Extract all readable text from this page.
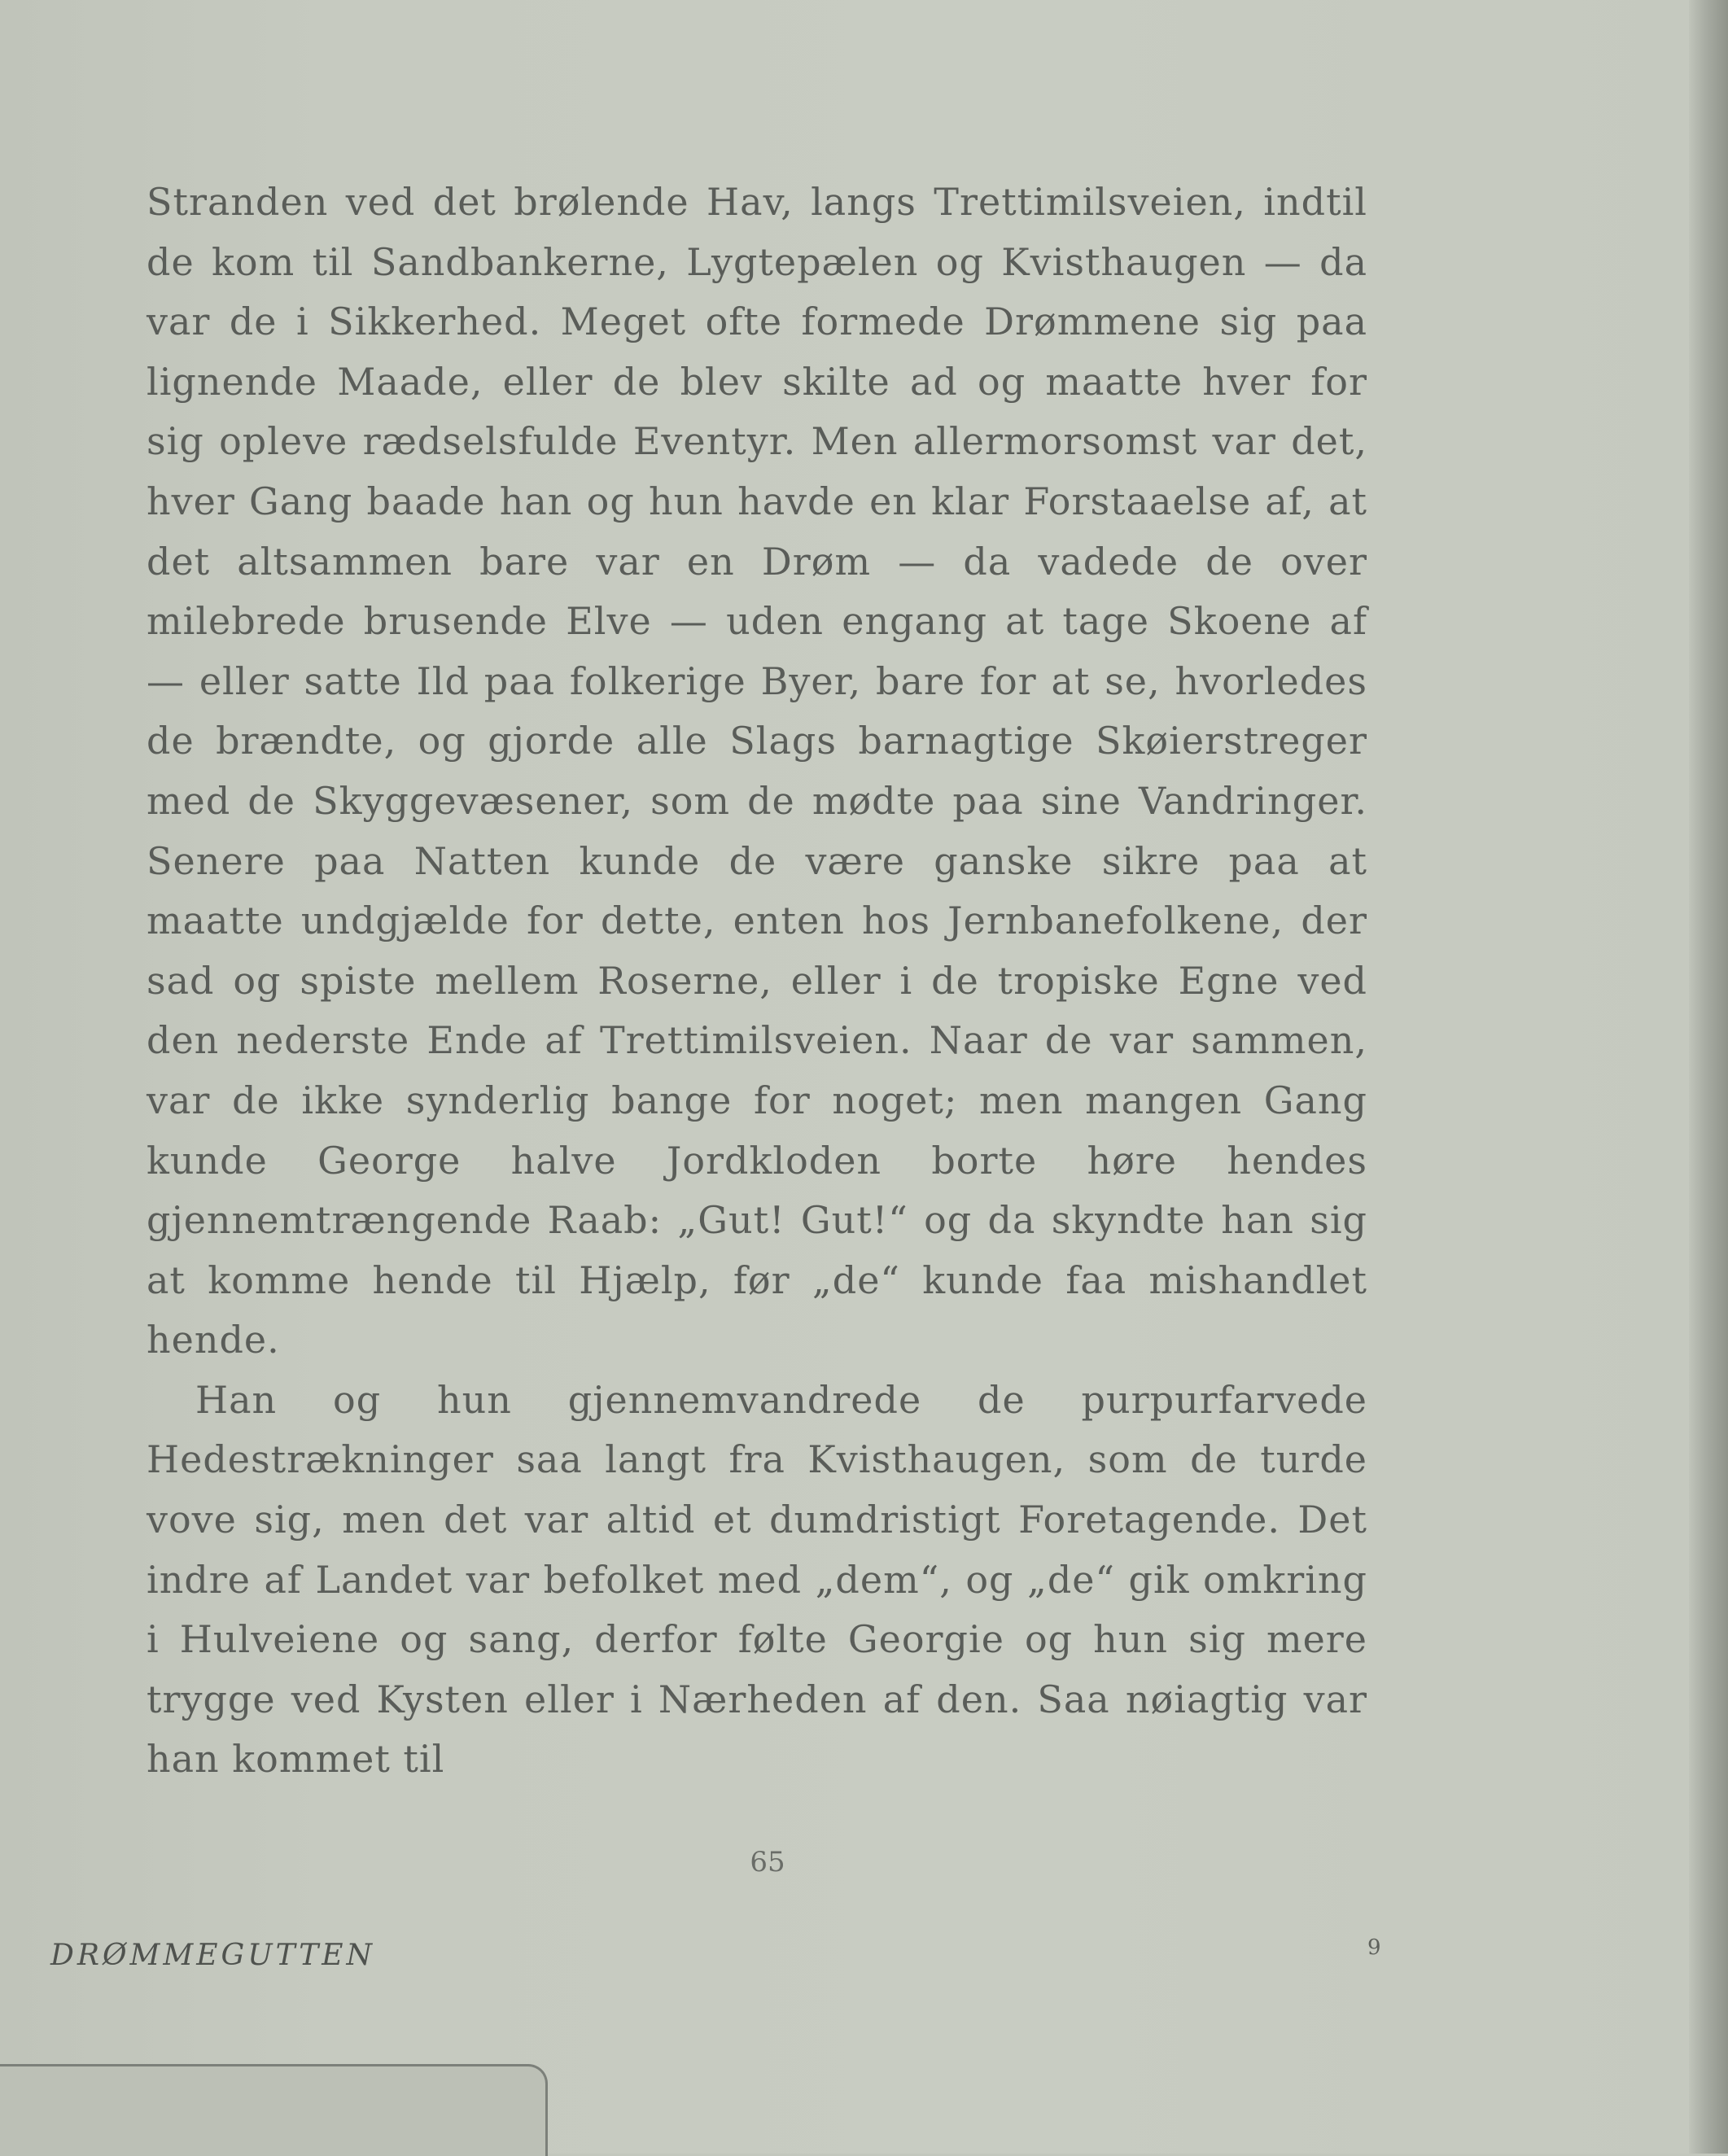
Stranden ved det brølende Hav, langs Trettimilsveien, indtil de kom til Sandbankerne, Lygtepælen og Kvisthaugen — da var de i Sikkerhed. Meget ofte formede Drømmene sig paa lignende Maade, eller de blev skilte ad og maatte hver for sig opleve rædselsfulde Eventyr. Men allermorsomst var det, hver Gang baade han og hun havde en klar Forstaaelse af, at det altsammen bare var en Drøm — da vadede de over milebrede brusende Elve — uden engang at tage Skoene af — eller satte Ild paa folkerige Byer, bare for at se, hvorledes de brændte, og gjorde alle Slags barnagtige Skøierstreger med de Skyggevæsener, som de mødte paa sine Vandringer. Senere paa Natten kunde de være ganske sikre paa at maatte undgjælde for dette, enten hos Jernbanefolkene, der sad og spiste mellem Roserne, eller i de tropiske Egne ved den nederste Ende af Trettimilsveien. Naar de var sammen, var de ikke synderlig bange for noget; men mangen Gang kunde George halve Jordkloden borte høre hendes gjennemtrængende Raab: „Gut! Gut!“ og da skyndte han sig at komme hende til Hjælp, før „de“ kunde faa mishandlet hende.

Han og hun gjennemvandrede de purpurfarvede Hedestrækninger saa langt fra Kvisthaugen, som de turde vove sig, men det var altid et dumdristigt Foretagende. Det indre af Landet var befolket med „dem“, og „de“ gik omkring i Hulveiene og sang, derfor følte Georgie og hun sig mere trygge ved Kysten eller i Nærheden af den. Saa nøiagtig var han kommet til

65
DRØMMEGUTTEN	9
